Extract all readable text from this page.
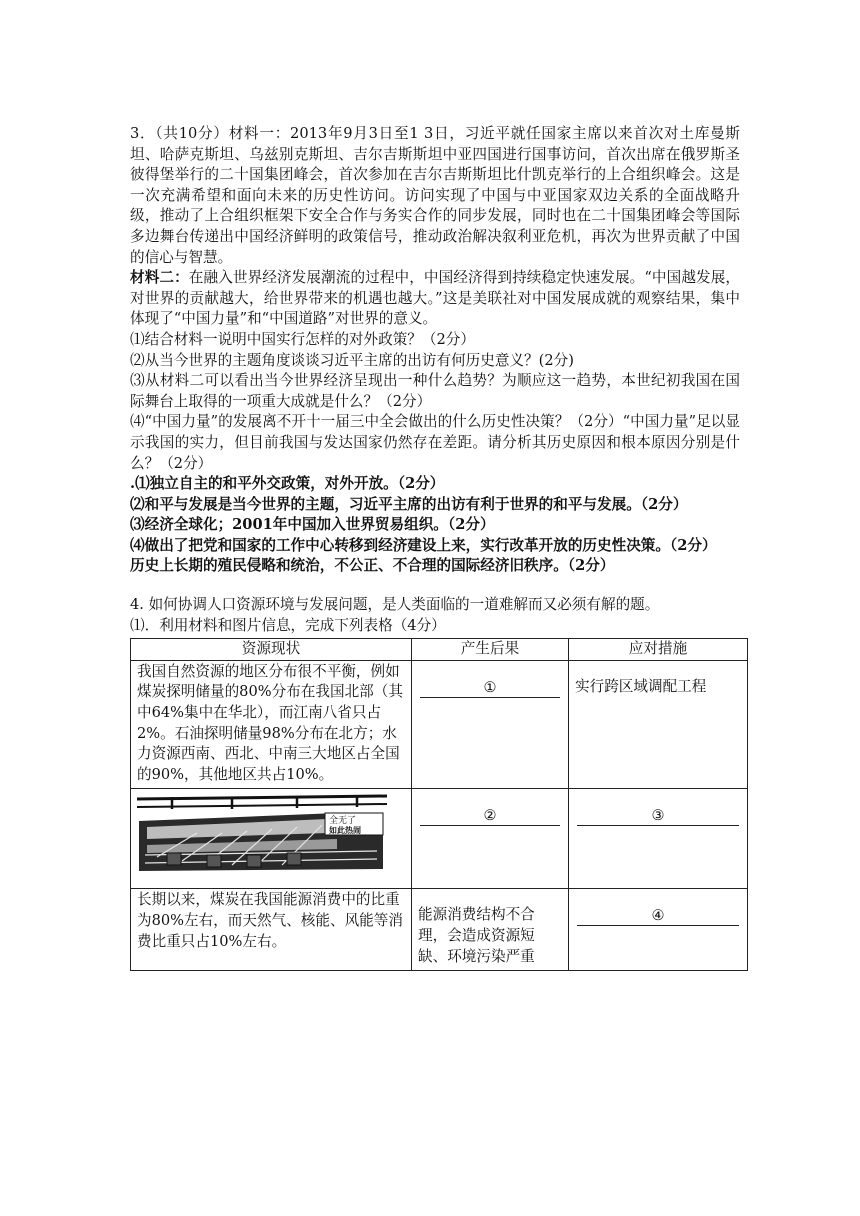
3．（共10分）材料一：2013年9月3日至1 3日，习近平就任国家主席以来首次对土库曼斯坦、哈萨克斯坦、乌兹别克斯坦、吉尔吉斯斯坦中亚四国进行国事访问，首次出席在俄罗斯圣彼得堡举行的二十国集团峰会，首次参加在吉尔吉斯斯坦比什凯克举行的上合组织峰会。这是一次充满希望和面向未来的历史性访问。访问实现了中国与中亚国家双边关系的全面战略升级，推动了上合组织框架下安全合作与务实合作的同步发展，同时也在二十国集团峰会等国际多边舞台传递出中国经济鲜明的政策信号，推动政治解决叙利亚危机，再次为世界贡献了中国的信心与智慧。

材料二：在融入世界经济发展潮流的过程中，中国经济得到持续稳定快速发展。“中国越发展，对世界的贡献越大，给世界带来的机遇也越大。”这是美联社对中国发展成就的观察结果，集中体现了“中国力量”和“中国道路”对世界的意义。

⑴结合材料一说明中国实行怎样的对外政策？（2分）

⑵从当今世界的主题角度谈谈习近平主席的出访有何历史意义？(2分)

⑶从材料二可以看出当今世界经济呈现出一种什么趋势？为顺应这一趋势，本世纪初我国在国际舞台上取得的一项重大成就是什么？（2分）

⑷“中国力量”的发展离不开十一届三中全会做出的什么历史性决策？（2分）“中国力量”足以显示我国的实力，但目前我国与发达国家仍然存在差距。请分析其历史原因和根本原因分别是什么？（2分）

.⑴独立自主的和平外交政策，对外开放。（2分）

⑵和平与发展是当今世界的主题，习近平主席的出访有利于世界的和平与发展。（2分）

⑶经济全球化；2001年中国加入世界贸易组织。（2分）

⑷做出了把党和国家的工作中心转移到经济建设上来，实行改革开放的历史性决策。（2分）

历史上长期的殖民侵略和统治，不公正、不合理的国际经济旧秩序。（2分）

4. 如何协调人口资源环境与发展问题，是人类面临的一道难解而又必须有解的题。

⑴．利用材料和图片信息，完成下列表格（4分）

资源现状	产生后果	应对措施
我国自然资源的地区分布很不平衡，例如煤炭探明储量的80%分布在我国北部（其中64%集中在华北），而江南八省只占2%。石油探明储量98%分布在北方；水力资源西南、西北、中南三大地区占全国的90%，其他地区共占10%。	①	实行跨区域调配工程

全无了
如此热闹	②	③

长期以来，煤炭在我国能源消费中的比重为80%左右，而天然气、核能、风能等消费比重只占10%左右。	能源消费结构不合理，会造成资源短缺、环境污染严重	④
